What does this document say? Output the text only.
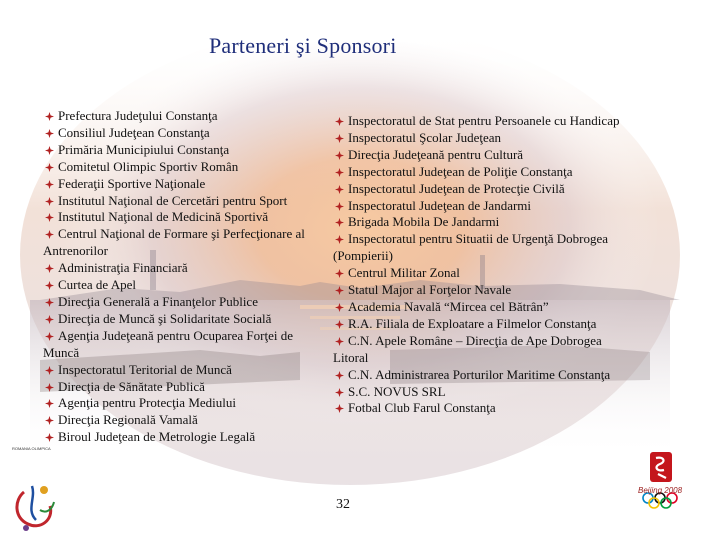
Parteneri şi Sponsori
Prefectura Judeţului Constanţa
Consiliul Judeţean Constanţa
Primăria Municipiului Constanţa
Comitetul Olimpic Sportiv Român
Federaţii Sportive Naţionale
Institutul Naţional de Cercetări pentru Sport
Institutul Naţional de Medicină Sportivă
Centrul Naţional de Formare şi Perfecţionare al Antrenorilor
Administraţia Financiară
Curtea de Apel
Direcţia Generală a Finanţelor Publice
Direcţia de Muncă şi Solidaritate Socială
Agenţia Judeţeană pentru Ocuparea Forţei de Muncă
Inspectoratul Teritorial de Muncă
Direcţia de Sănătate Publică
Agenţia pentru Protecţia Mediului
Direcţia Regională Vamală
Biroul Judeţean de Metrologie Legală
Inspectoratul de Stat pentru Persoanele cu Handicap
Inspectoratul Şcolar Judeţean
Direcţia Judeţeană pentru Cultură
Inspectoratul Judeţean de Poliţie Constanţa
Inspectoratul Judeţean de Protecţie Civilă
Inspectoratul Judeţean de Jandarmi
Brigada Mobila De Jandarmi
Inspectoratul pentru Situatii de Urgenţă Dobrogea (Pompierii)
Centrul Militar Zonal
Statul Major al Forţelor Navale
Academia Navală “Mircea cel Bătrân”
R.A. Filiala de Exploatare a Filmelor Constanţa
C.N. Apele Române – Direcţia de Ape Dobrogea Litoral
C.N. Administrarea Porturilor Maritime Constanţa
S.C. NOVUS SRL
Fotbal Club Farul Constanţa
ROMANIA OLIMPICA
Beijing 2008
32
